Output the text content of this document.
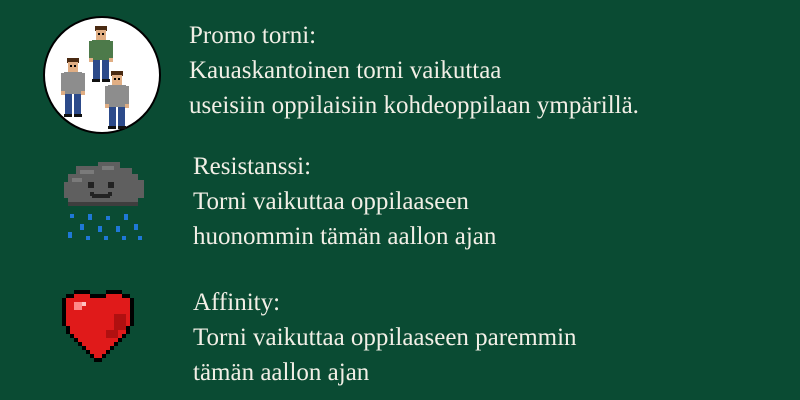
Promo torni:
Kauaskantoinen torni vaikuttaa
useisiin oppilaisiin kohdeoppilaan ympärillä.
Resistanssi:
Torni vaikuttaa oppilaaseen
huonommin tämän aallon ajan
Affinity:
Torni vaikuttaa oppilaaseen paremmin
tämän aallon ajan
